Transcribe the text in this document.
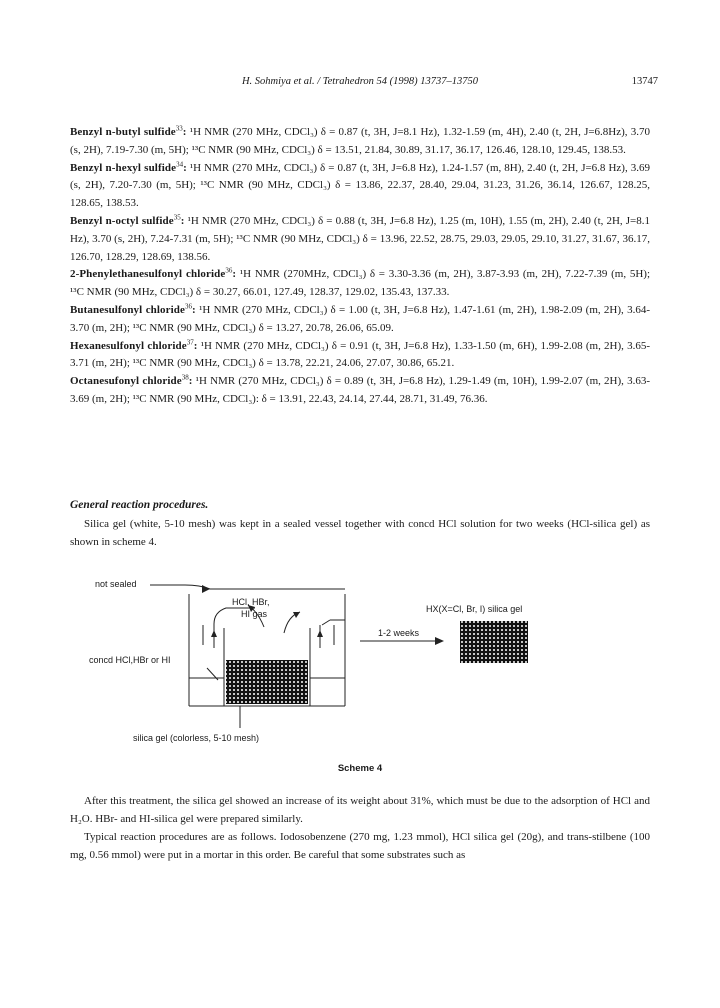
H. Sohmiya et al. / Tetrahedron 54 (1998) 13737–13750	13747

Benzyl n-butyl sulfide$^{33}$: ¹H NMR (270 MHz, CDCl₃) δ = 0.87 (t, 3H, J=8.1 Hz), 1.32-1.59 (m, 4H), 2.40 (t, 2H, J=6.8Hz), 3.70 (s, 2H), 7.19-7.30 (m, 5H); ¹³C NMR (90 MHz, CDCl₃) δ = 13.51, 21.84, 30.89, 31.17, 36.17, 126.46, 128.10, 129.45, 138.53.

Benzyl n-hexyl sulfide$^{34}$: ¹H NMR (270 MHz, CDCl₃) δ = 0.87 (t, 3H, J=6.8 Hz), 1.24-1.57 (m, 8H), 2.40 (t, 2H, J=6.8 Hz), 3.69 (s, 2H), 7.20-7.30 (m, 5H); ¹³C NMR (90 MHz, CDCl₃) δ = 13.86, 22.37, 28.40, 29.04, 31.23, 31.26, 36.14, 126.67, 128.25, 128.65, 138.53.

Benzyl n-octyl sulfide$^{35}$: ¹H NMR (270 MHz, CDCl₃) δ = 0.88 (t, 3H, J=6.8 Hz), 1.25 (m, 10H), 1.55 (m, 2H), 2.40 (t, 2H, J=8.1 Hz), 3.70 (s, 2H), 7.24-7.31 (m, 5H); ¹³C NMR (90 MHz, CDCl₃) δ = 13.96, 22.52, 28.75, 29.03, 29.05, 29.10, 31.27, 31.67, 36.17, 126.70, 128.29, 128.69, 138.56.

2-Phenylethanesulfonyl chloride$^{36}$: ¹H NMR (270MHz, CDCl₃) δ = 3.30-3.36 (m, 2H), 3.87-3.93 (m, 2H), 7.22-7.39 (m, 5H); ¹³C NMR (90 MHz, CDCl₃) δ = 30.27, 66.01, 127.49, 128.37, 129.02, 135.43, 137.33.

Butanesulfonyl chloride$^{36}$: ¹H NMR (270 MHz, CDCl₃) δ = 1.00 (t, 3H, J=6.8 Hz), 1.47-1.61 (m, 2H), 1.98-2.09 (m, 2H), 3.64-3.70 (m, 2H); ¹³C NMR (90 MHz, CDCl₃) δ = 13.27, 20.78, 26.06, 65.09.

Hexanesulfonyl chloride$^{37}$: ¹H NMR (270 MHz, CDCl₃) δ = 0.91 (t, 3H, J=6.8 Hz), 1.33-1.50 (m, 6H), 1.99-2.08 (m, 2H), 3.65-3.71 (m, 2H); ¹³C NMR (90 MHz, CDCl₃) δ = 13.78, 22.21, 24.06, 27.07, 30.86, 65.21.

Octanesufonyl chloride$^{38}$: ¹H NMR (270 MHz, CDCl₃) δ = 0.89 (t, 3H, J=6.8 Hz), 1.29-1.49 (m, 10H), 1.99-2.07 (m, 2H), 3.63-3.69 (m, 2H); ¹³C NMR (90 MHz, CDCl₃): δ = 13.91, 22.43, 24.14, 27.44, 28.71, 31.49, 76.36.

General reaction procedures.
Silica gel (white, 5-10 mesh) was kept in a sealed vessel together with concd HCl solution for two weeks (HCl-silica gel) as shown in scheme 4.
not sealed
HCl, HBr,
HI gas
concd HCl,HBr or HI
silica gel (colorless, 5-10 mesh)
1-2 weeks
HX(X=Cl, Br, I) silica gel
Scheme 4
After this treatment, the silica gel showed an increase of its weight about 31%, which must be due to the adsorption of HCl and H₂O. HBr- and HI-silica gel were prepared similarly.
Typical reaction procedures are as follows. Iodosobenzene (270 mg, 1.23 mmol), HCl silica gel (20g), and trans-stilbene (100 mg, 0.56 mmol) were put in a mortar in this order. Be careful that some substrates such as
